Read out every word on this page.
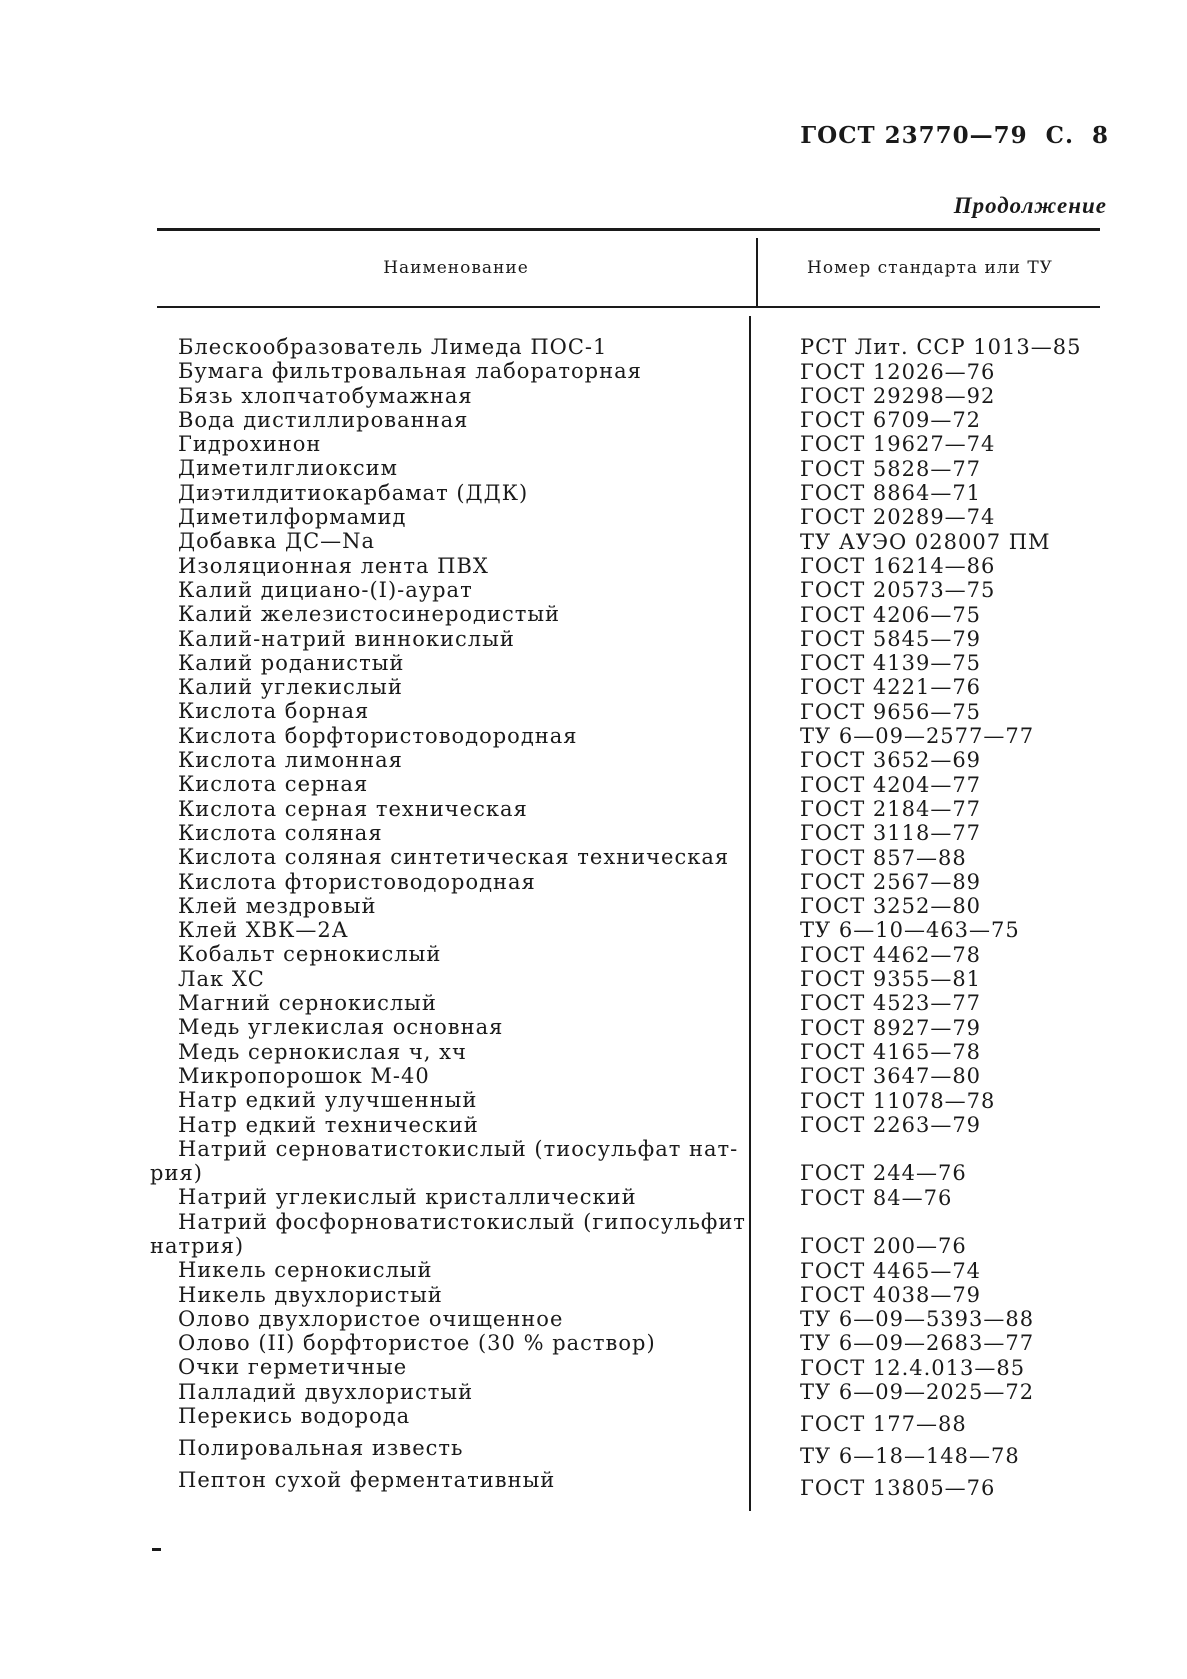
ГОСТ 23770—79 С. 8
Продолжение
Наименование	Номер стандарта или ТУ
Блескообразователь Лимеда ПОС-1	РСТ Лит. ССР 1013—85
Бумага фильтровальная лабораторная	ГОСТ 12026—76
Бязь хлопчатобумажная	ГОСТ 29298—92
Вода дистиллированная	ГОСТ 6709—72
Гидрохинон	ГОСТ 19627—74
Диметилглиоксим	ГОСТ 5828—77
Диэтилдитиокарбамат (ДДК)	ГОСТ 8864—71
Диметилформамид	ГОСТ 20289—74
Добавка ДС—Na	ТУ АУЭО 028007 ПМ
Изоляционная лента ПВХ	ГОСТ 16214—86
Калий дициано-(I)-аурат	ГОСТ 20573—75
Калий железистосинеродистый	ГОСТ 4206—75
Калий-натрий виннокислый	ГОСТ 5845—79
Калий роданистый	ГОСТ 4139—75
Калий углекислый	ГОСТ 4221—76
Кислота борная	ГОСТ 9656—75
Кислота борфтористоводородная	ТУ 6—09—2577—77
Кислота лимонная	ГОСТ 3652—69
Кислота серная	ГОСТ 4204—77
Кислота серная техническая	ГОСТ 2184—77
Кислота соляная	ГОСТ 3118—77
Кислота соляная синтетическая техническая	ГОСТ 857—88
Кислота фтористоводородная	ГОСТ 2567—89
Клей мездровый	ГОСТ 3252—80
Клей ХВК—2А	ТУ 6—10—463—75
Кобальт сернокислый	ГОСТ 4462—78
Лак ХС	ГОСТ 9355—81
Магний сернокислый	ГОСТ 4523—77
Медь углекислая основная	ГОСТ 8927—79
Медь сернокислая ч, хч	ГОСТ 4165—78
Микропорошок М-40	ГОСТ 3647—80
Натр едкий улучшенный	ГОСТ 11078—78
Натр едкий технический	ГОСТ 2263—79
Натрий серноватистокислый (тиосульфат нат-
рия)	ГОСТ 244—76
Натрий углекислый кристаллический	ГОСТ 84—76
Натрий фосфорноватистокислый (гипосульфит
натрия)	ГОСТ 200—76
Никель сернокислый	ГОСТ 4465—74
Никель двухлористый	ГОСТ 4038—79
Олово двухлористое очищенное	ТУ 6—09—5393—88
Олово (II) борфтористое (30 % раствор)	ТУ 6—09—2683—77
Очки герметичные	ГОСТ 12.4.013—85
Палладий двухлористый	ТУ 6—09—2025—72
Перекись водорода	ГОСТ 177—88
Полировальная известь	ТУ 6—18—148—78
Пептон сухой ферментативный	ГОСТ 13805—76
